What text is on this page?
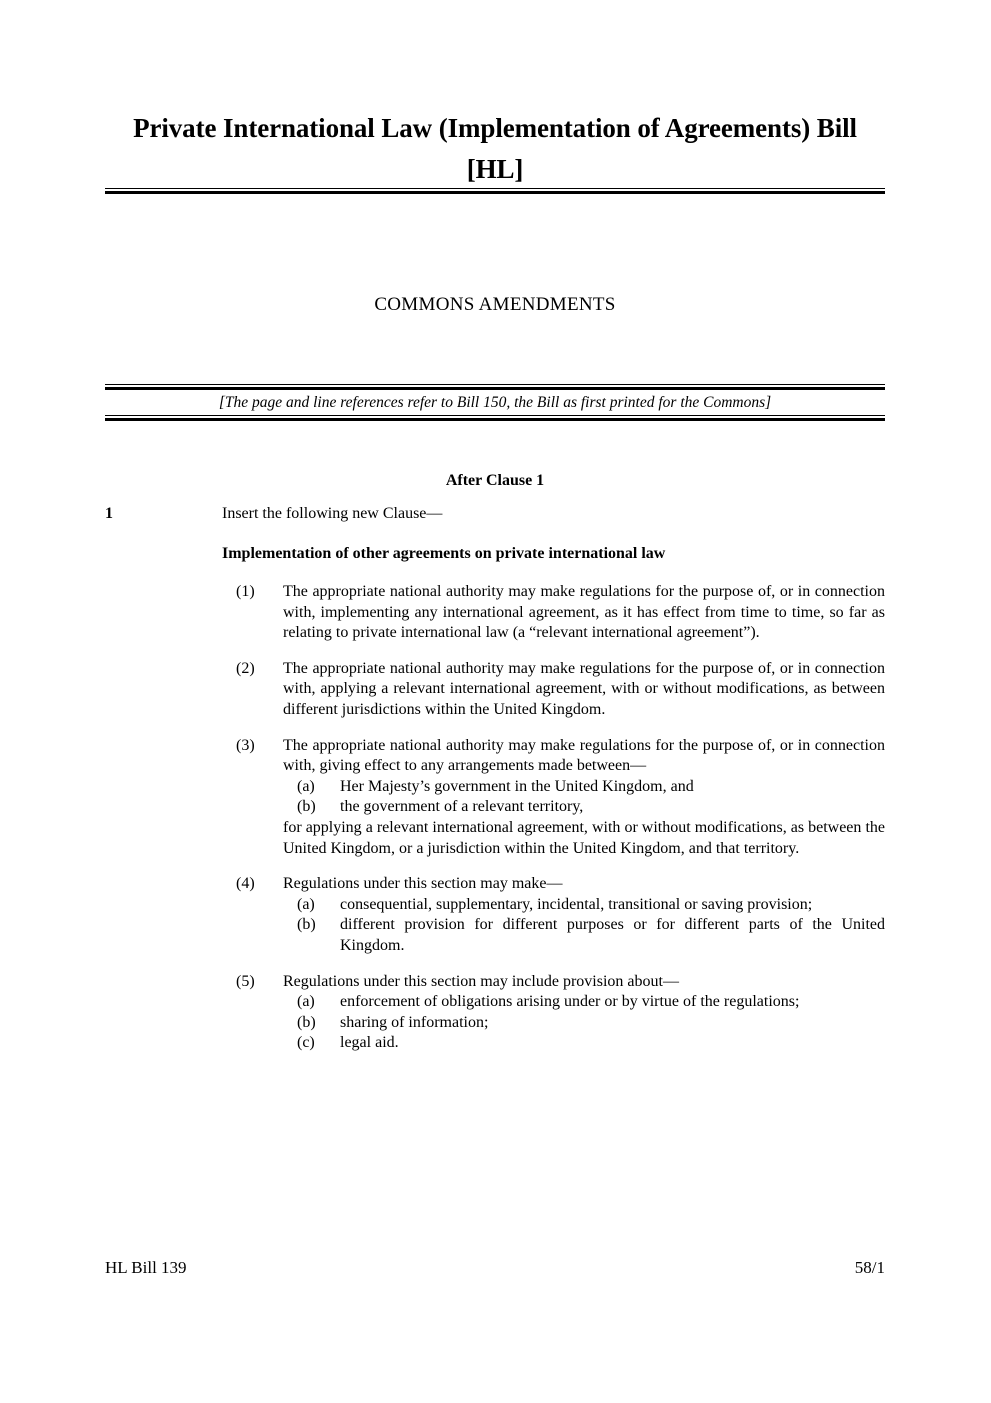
Private International Law (Implementation of Agreements) Bill [HL]
COMMONS AMENDMENTS
[The page and line references refer to Bill 150, the Bill as first printed for the Commons]
After Clause 1
1	Insert the following new Clause—
Implementation of other agreements on private international law
(1)	The appropriate national authority may make regulations for the purpose of, or in connection with, implementing any international agreement, as it has effect from time to time, so far as relating to private international law (a “relevant international agreement”).
(2)	The appropriate national authority may make regulations for the purpose of, or in connection with, applying a relevant international agreement, with or without modifications, as between different jurisdictions within the United Kingdom.
(3)	The appropriate national authority may make regulations for the purpose of, or in connection with, giving effect to any arrangements made between—
(a)	Her Majesty’s government in the United Kingdom, and
(b)	the government of a relevant territory,
for applying a relevant international agreement, with or without modifications, as between the United Kingdom, or a jurisdiction within the United Kingdom, and that territory.
(4)	Regulations under this section may make—
(a)	consequential, supplementary, incidental, transitional or saving provision;
(b)	different provision for different purposes or for different parts of the United Kingdom.
(5)	Regulations under this section may include provision about—
(a)	enforcement of obligations arising under or by virtue of the regulations;
(b)	sharing of information;
(c)	legal aid.
HL Bill 139	58/1
